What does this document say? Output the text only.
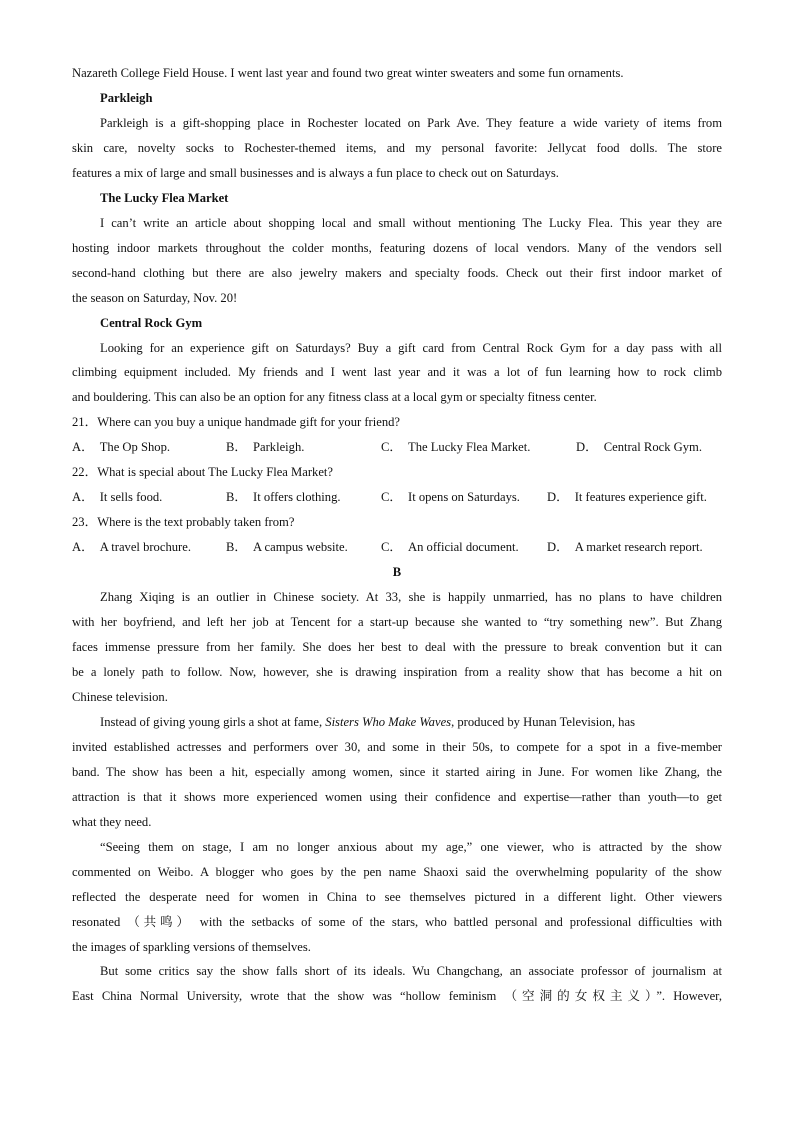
Nazareth College Field House. I went last year and found two great winter sweaters and some fun ornaments.
Parkleigh
Parkleigh is a gift-shopping place in Rochester located on Park Ave. They feature a wide variety of items from
skin care, novelty socks to Rochester-themed items, and my personal favorite: Jellycat food dolls. The store
features a mix of large and small businesses and is always a fun place to check out on Saturdays.
The Lucky Flea Market
I can’t write an article about shopping local and small without mentioning The Lucky Flea. This year they are
hosting indoor markets throughout the colder months, featuring dozens of local vendors. Many of the vendors sell
second-hand clothing but there are also jewelry makers and specialty foods. Check out their first indoor market of
the season on Saturday, Nov. 20!
Central Rock Gym
Looking for an experience gift on Saturdays? Buy a gift card from Central Rock Gym for a day pass with all
climbing equipment included. My friends and I went last year and it was a lot of fun learning how to rock climb
and bouldering. This can also be an option for any fitness class at a local gym or specialty fitness center.
21．Where can you buy a unique handmade gift for your friend?
A． The Op Shop.	B． Parkleigh.	C． The Lucky Flea Market.	D． Central Rock Gym.
22．What is special about The Lucky Flea Market?
A． It sells food.	B． It offers clothing.	C． It opens on Saturdays. D． It features experience gift.
23．Where is the text probably taken from?
A． A travel brochure.	B． A campus website.	C． An official document. D． A market research report.
B
Zhang Xiqing is an outlier in Chinese society. At 33, she is happily unmarried, has no plans to have children
with her boyfriend, and left her job at Tencent for a start-up because she wanted to “try something new”. But Zhang
faces immense pressure from her family. She does her best to deal with the pressure to break convention but it can
be a lonely path to follow. Now, however, she is drawing inspiration from a reality show that has become a hit on
Chinese television.
Instead of giving young girls a shot at fame, Sisters Who Make Waves, produced by Hunan Television, has
invited established actresses and performers over 30, and some in their 50s, to compete for a spot in a five-member
band. The show has been a hit, especially among women, since it started airing in June. For women like Zhang, the
attraction is that it shows more experienced women using their confidence and expertise—rather than youth—to get
what they need.
“Seeing them on stage, I am no longer anxious about my age,” one viewer, who is attracted by the show
commented on Weibo. A blogger who goes by the pen name Shaoxi said the overwhelming popularity of the show
reflected the desperate need for women in China to see themselves pictured in a different light. Other viewers
resonated （共鸣） with the setbacks of some of the stars, who battled personal and professional difficulties with
the images of sparkling versions of themselves.
But some critics say the show falls short of its ideals. Wu Changchang, an associate professor of journalism at
East China Normal University, wrote that the show was “hollow feminism （空洞的女权主义）”. However,
